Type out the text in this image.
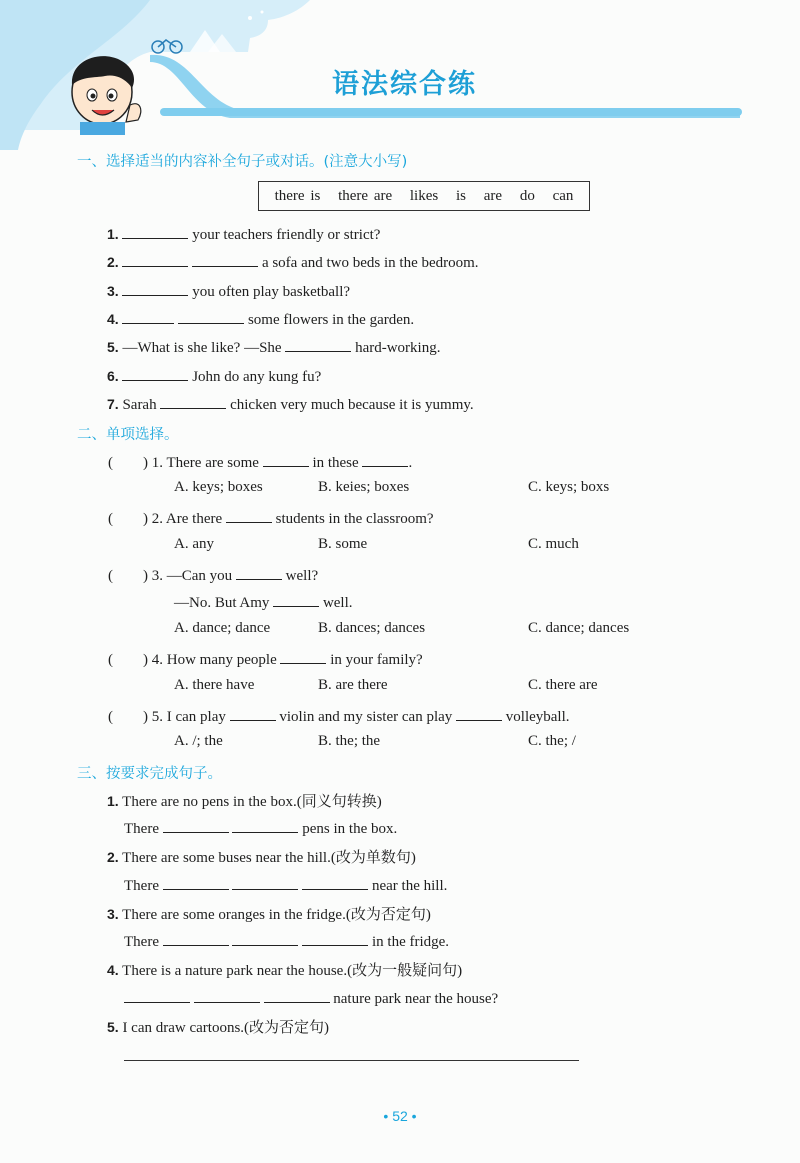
语法综合练
一、选择适当的内容补全句子或对话。(注意大小写)
there is there are likes is are do can
1.	your teachers friendly or strict?
2.	a sofa and two beds in the bedroom.
3.	you often play basketball?
4.	some flowers in the garden.
5. —What is she like? —She	hard-working.
6.	John do any kung fu?
7. Sarah	chicken very much because it is yummy.
二、单项选择。
(　　) 1. There are some	in these	.
A. keys; boxes	B. keies; boxes	C. keys; boxs
(　　) 2. Are there	students in the classroom?
A. any	B. some	C. much
(　　) 3. —Can you	well?
—No. But Amy	well.
A. dance; dance	B. dances; dances	C. dance; dances
(　　) 4. How many people	in your family?
A. there have	B. are there	C. there are
(　　) 5. I can play	violin and my sister can play	volleyball.
A. /; the	B. the; the	C. the; /
三、按要求完成句子。
1. There are no pens in the box.(同义句转换)
There	pens in the box.
2. There are some buses near the hill.(改为单数句)
There	near the hill.
3. There are some oranges in the fridge.(改为否定句)
There	in the fridge.
4. There is a nature park near the house.(改为一般疑问句)
nature park near the house?
5. I can draw cartoons.(改为否定句)
• 52 •
